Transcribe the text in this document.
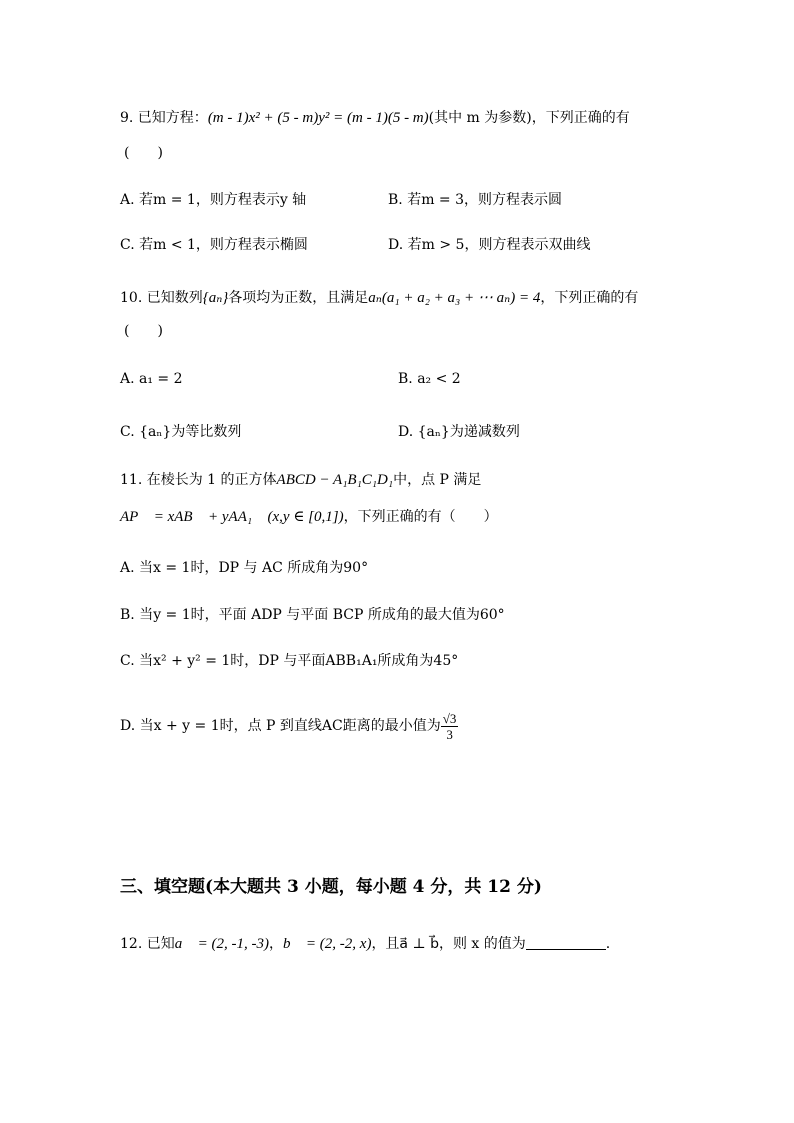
9. 已知方程：(m - 1)x² + (5 - m)y² = (m - 1)(5 - m)(其中 m 为参数)，下列正确的有
(　　)
A. 若m = 1，则方程表示y 轴	B. 若m = 3，则方程表示圆
C. 若m < 1，则方程表示椭圆	D. 若m > 5，则方程表示双曲线
10. 已知数列{aₙ}各项均为正数，且满足aₙ(a₁ + a₂ + a₃ + ⋯ aₙ) = 4，下列正确的有
(　　)
A. a₁ = 2	B. a₂ < 2
C. {aₙ}为等比数列	D. {aₙ}为递减数列
11. 在棱长为 1 的正方体ABCD − A₁B₁C₁D₁中，点 P 满足
AP⃗ = xAB⃗ + yAA₁⃗ (x,y ∈ [0,1])，下列正确的有（　　）
A. 当x = 1时，DP 与 AC 所成角为90°
B. 当y = 1时，平面 ADP 与平面 BCP 所成角的最大值为60°
C. 当x² + y² = 1时，DP 与平面ABB₁A₁所成角为45°
D. 当x + y = 1时，点 P 到直线AC距离的最小值为 $\frac{√3}{3}$
三、填空题(本大题共 3 小题，每小题 4 分，共 12 分)
12. 已知a⃗ = (2, -1, -3)，b⃗ = (2, -2, x)，且a⃗ ⊥ b⃗，则 x 的值为	.
